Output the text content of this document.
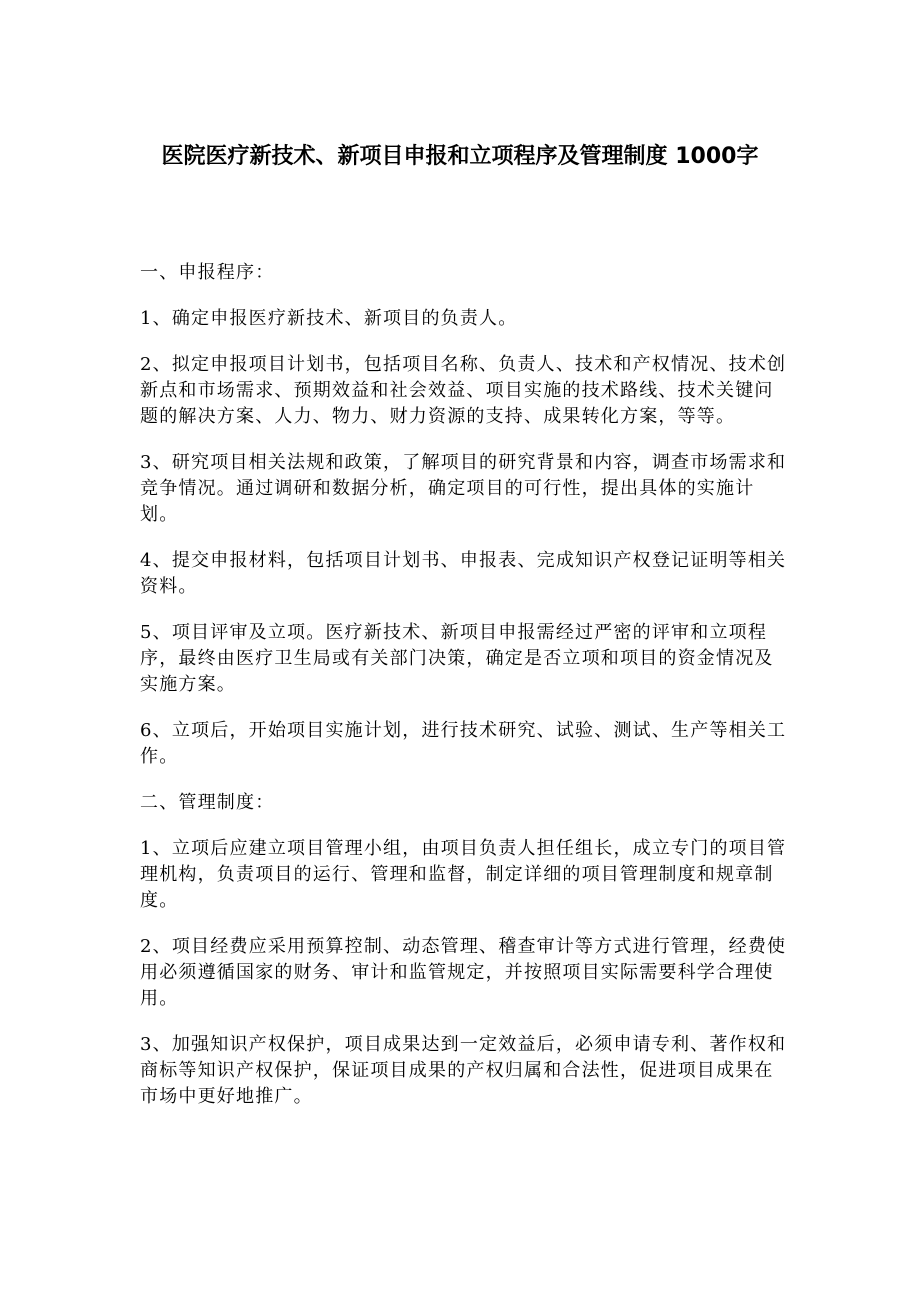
医院医疗新技术、新项目申报和立项程序及管理制度 1000字

一、申报程序：

1、确定申报医疗新技术、新项目的负责人。

2、拟定申报项目计划书，包括项目名称、负责人、技术和产权情况、技术创新点和市场需求、预期效益和社会效益、项目实施的技术路线、技术关键问题的解决方案、人力、物力、财力资源的支持、成果转化方案，等等。

3、研究项目相关法规和政策，了解项目的研究背景和内容，调查市场需求和竞争情况。通过调研和数据分析，确定项目的可行性，提出具体的实施计划。

4、提交申报材料，包括项目计划书、申报表、完成知识产权登记证明等相关资料。

5、项目评审及立项。医疗新技术、新项目申报需经过严密的评审和立项程序，最终由医疗卫生局或有关部门决策，确定是否立项和项目的资金情况及实施方案。

6、立项后，开始项目实施计划，进行技术研究、试验、测试、生产等相关工作。

二、管理制度：

1、立项后应建立项目管理小组，由项目负责人担任组长，成立专门的项目管理机构，负责项目的运行、管理和监督，制定详细的项目管理制度和规章制度。

2、项目经费应采用预算控制、动态管理、稽查审计等方式进行管理，经费使用必须遵循国家的财务、审计和监管规定，并按照项目实际需要科学合理使用。

3、加强知识产权保护，项目成果达到一定效益后，必须申请专利、著作权和商标等知识产权保护，保证项目成果的产权归属和合法性，促进项目成果在市场中更好地推广。
